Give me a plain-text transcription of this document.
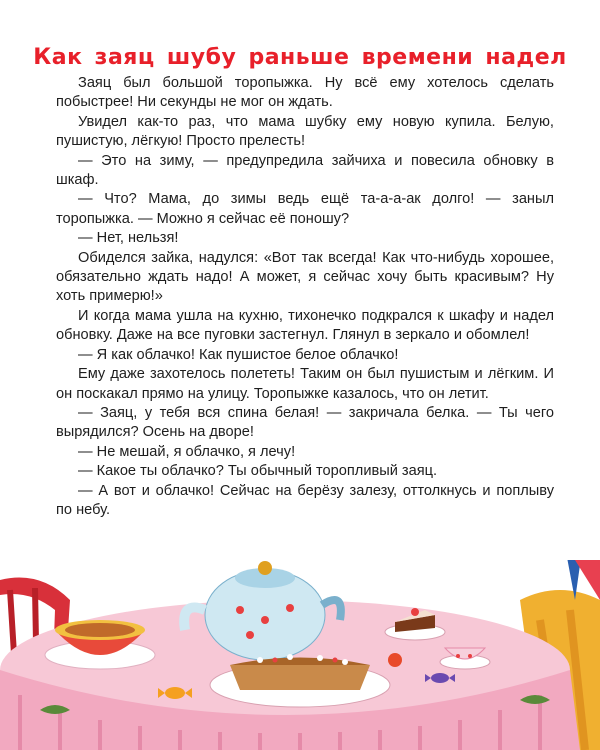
Как заяц шубу раньше времени надел

Заяц был большой торопыжка. Ну всё ему хотелось сделать побыстрее! Ни секунды не мог он ждать.

Увидел как-то раз, что мама шубку ему новую купила. Белую, пушистую, лёгкую! Просто прелесть!

— Это на зиму, — предупредила зайчиха и повесила обновку в шкаф.

— Что? Мама, до зимы ведь ещё та-а-а-ак долго! — заныл торопыжка. — Можно я сейчас её поношу?

— Нет, нельзя!

Обиделся зайка, надулся: «Вот так всегда! Как что-нибудь хорошее, обязательно ждать надо! А может, я сейчас хочу быть красивым? Ну хоть примерю!»

И когда мама ушла на кухню, тихонечко подкрался к шкафу и надел обновку. Даже на все пуговки застегнул. Глянул в зеркало и обомлел!

— Я как облачко! Как пушистое белое облачко!

Ему даже захотелось полететь! Таким он был пушистым и лёгким. И он поскакал прямо на улицу. Торопыжке казалось, что он летит.

— Заяц, у тебя вся спина белая! — закричала белка. — Ты чего вырядился? Осень на дворе!

— Не мешай, я облачко, я лечу!

— Какое ты облачко? Ты обычный торопливый заяц.

— А вот и облачко! Сейчас на берёзу залезу, оттолкнусь и поплыву по небу.
